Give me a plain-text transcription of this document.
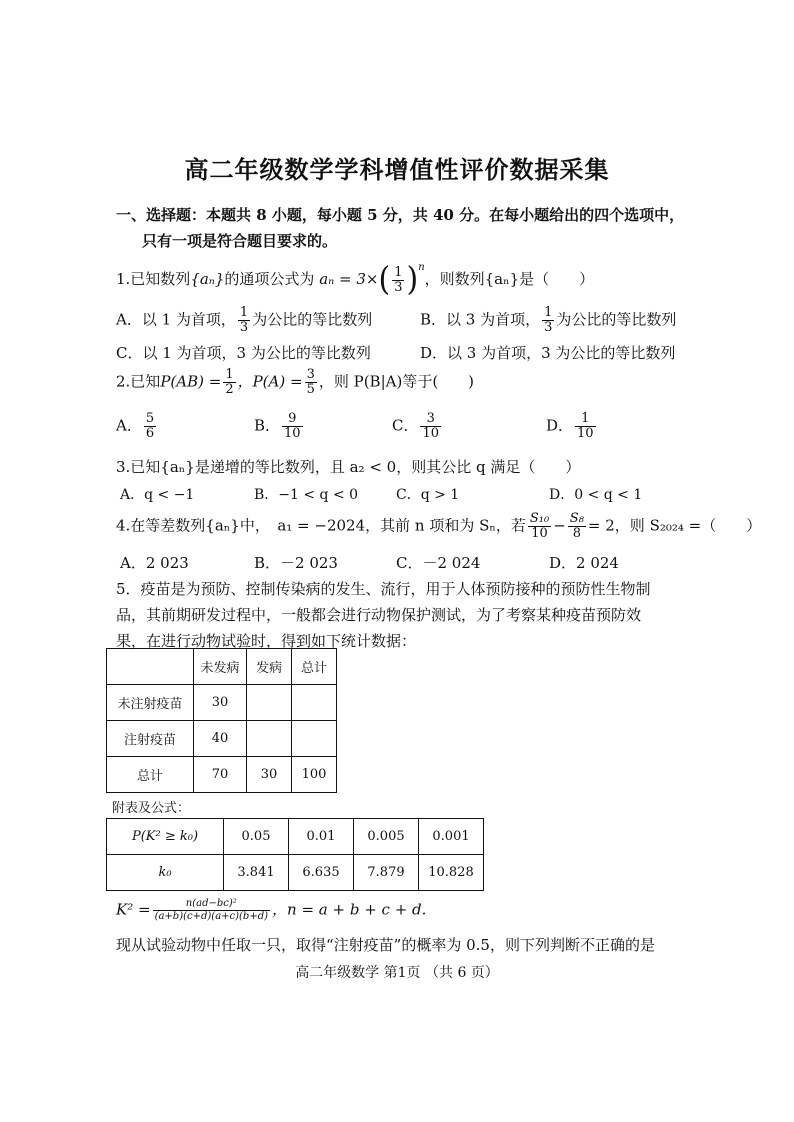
高二年级数学学科增值性评价数据采集
一、选择题：本题共 8 小题，每小题 5 分，共 40 分。在每小题给出的四个选项中，
只有一项是符合题目要求的。
1.已知数列{aₙ}的通项公式为 $a_n = 3\times( \frac{1}{3} )^n$，则数列{aₙ}是（　　）
A．以 1 为首项， $\frac{1}{3}$ 为公比的等比数列	B．以 3 为首项， $\frac{1}{3}$ 为公比的等比数列
C．以 1 为首项，3 为公比的等比数列	D．以 3 为首项，3 为公比的等比数列
2.已知$P(AB) = \frac{1}{2}$ ，$P(A) = \frac{3}{5}$ ，则 P(B|A)等于(　　)
A． $\frac{5}{6}$	B． $\frac{9}{10}$	C． $\frac{3}{10}$	D． $\frac{1}{10}$
3.已知{aₙ}是递增的等比数列，且 a₂ < 0，则其公比 q 满足（　　）
A．q < −1	B．−1 < q < 0	C．q > 1	D．0 < q < 1
4.在等差数列{aₙ}中，　a₁ = −2024，其前 n 项和为 Sₙ，若 $\frac{\text{S₁₀}}{10} - \frac{\text{S₈}}{8} = 2$，则 S₂₀₂₄ =（　　）
A．2 023	B．－2 023	C．－2 024	D．2 024
5．疫苗是为预防、控制传染病的发生、流行，用于人体预防接种的预防性生物制
品，其前期研发过程中，一般都会进行动物保护测试，为了考察某种疫苗预防效
果，在进行动物试验时，得到如下统计数据：
	未发病	发病	总计
未注射疫苗	30		
注射疫苗	40		
总计	70	30	100
附表及公式：
P(K² ≥ k₀)	0.05	0.01	0.005	0.001
k₀	3.841	6.635	7.879	10.828
$K^2 = \frac{\text{n(ad−bc)²}}{(a+b)(c+d)(a+c)(b+d)}$ ，n = a + b + c + d.
现从试验动物中任取一只，取得“注射疫苗”的概率为 0.5，则下列判断不正确的是
高二年级数学 第1页 （共 6 页）
